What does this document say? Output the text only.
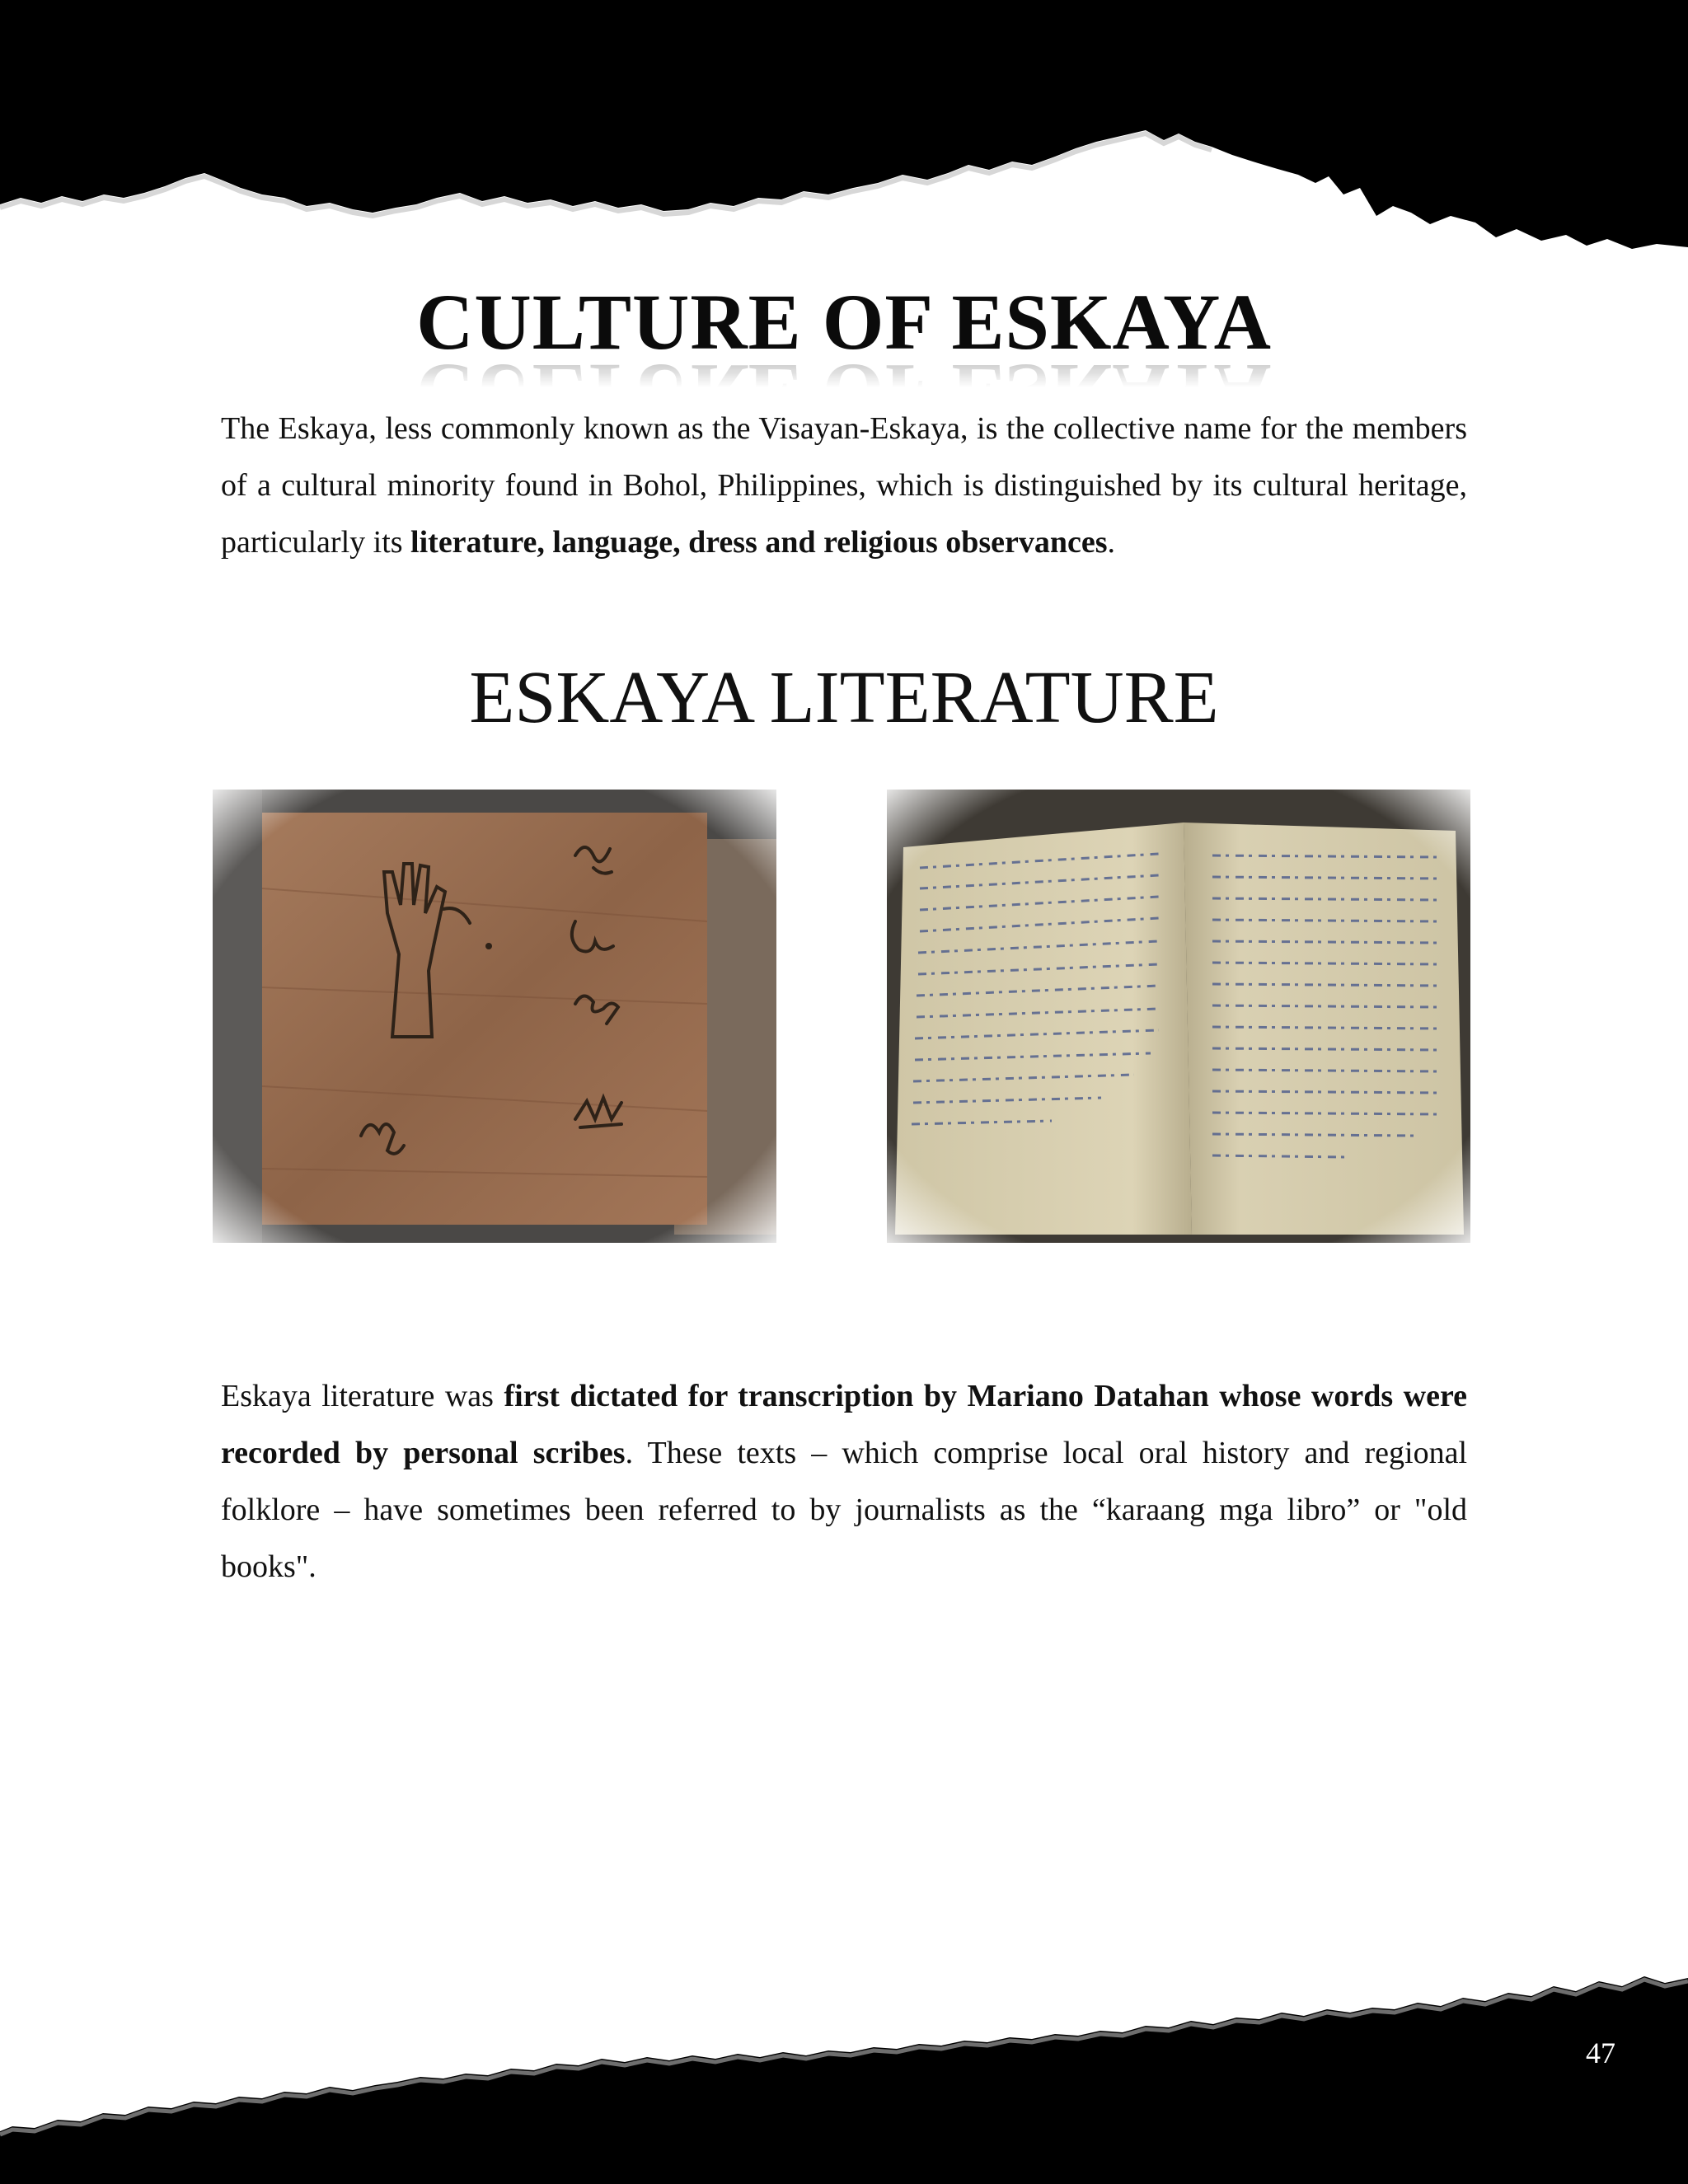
CULTURE OF ESKAYA

The Eskaya, less commonly known as the Visayan-Eskaya, is the collective name for the members of a cultural minority found in Bohol, Philippines, which is distinguished by its cultural heritage, particularly its literature, language, dress and religious observances.

ESKAYA LITERATURE

Eskaya literature was first dictated for transcription by Mariano Datahan whose words were recorded by personal scribes. These texts – which comprise local oral history and regional folklore – have sometimes been referred to by journalists as the “karaang mga libro” or "old books".

47
